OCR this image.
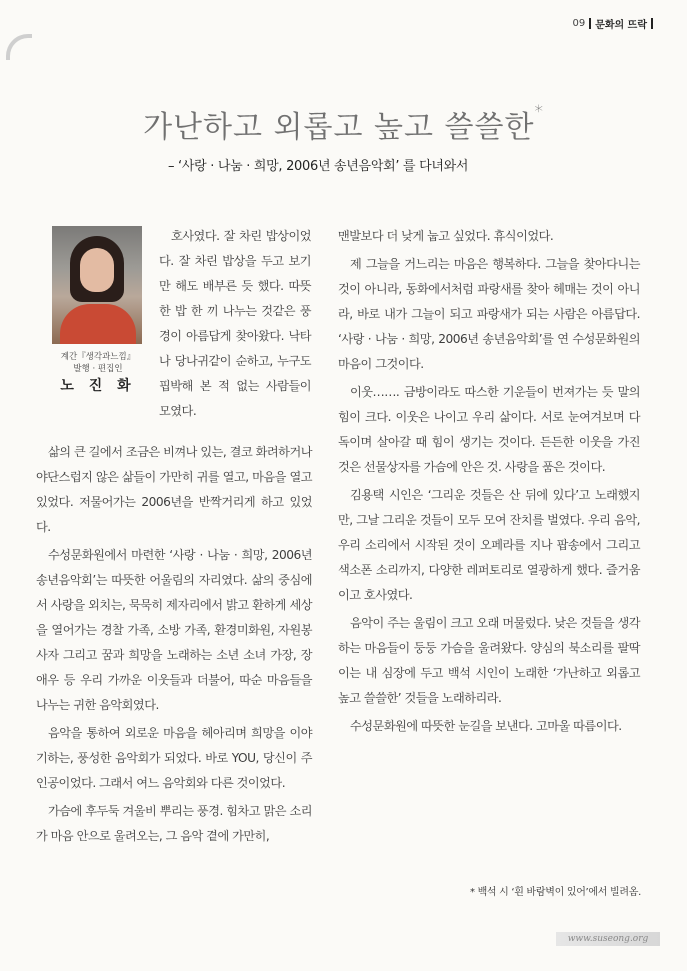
09 문화의 뜨락
가난하고 외롭고 높고 쓸쓸한*
– ‘사랑 · 나눔 · 희망, 2006년 송년음악회’ 를 다녀와서
계간『생각과느낌』
발행 · 편집인
노 진 화

호사였다. 잘 차린 밥상이었다. 잘 차린 밥상을 두고 보기만 해도 배부른 듯 했다. 따뜻한 밥 한 끼 나누는 것같은 풍경이 아름답게 찾아왔다. 낙타나 당나귀같이 순하고, 누구도 핍박해 본 적 없는 사람들이 모였다.

삶의 큰 길에서 조금은 비껴나 있는, 결코 화려하거나 야단스럽지 않은 삶들이 가만히 귀를 열고, 마음을 열고 있었다. 저물어가는 2006년을 반짝거리게 하고 있었다.

수성문화원에서 마련한 ‘사랑 · 나눔 · 희망, 2006년 송년음악회’는 따뜻한 어울림의 자리였다. 삶의 중심에서 사랑을 외치는, 묵묵히 제자리에서 밝고 환하게 세상을 열어가는 경찰 가족, 소방 가족, 환경미화원, 자원봉사자 그리고 꿈과 희망을 노래하는 소년 소녀 가장, 장애우 등 우리 가까운 이웃들과 더불어, 따순 마음들을 나누는 귀한 음악회였다.

음악을 통하여 외로운 마음을 헤아리며 희망을 이야기하는, 풍성한 음악회가 되었다. 바로 YOU, 당신이 주인공이었다. 그래서 여느 음악회와 다른 것이었다.

가슴에 후두둑 겨울비 뿌리는 풍경. 힘차고 맑은 소리가 마음 안으로 울려오는, 그 음악 곁에 가만히,

맨발보다 더 낮게 눕고 싶었다. 휴식이었다.

제 그늘을 거느리는 마음은 행복하다. 그늘을 찾아다니는 것이 아니라, 동화에서처럼 파랑새를 찾아 헤매는 것이 아니라, 바로 내가 그늘이 되고 파랑새가 되는 사람은 아름답다. ‘사랑 · 나눔 · 희망, 2006년 송년음악회’를 연 수성문화원의 마음이 그것이다.

이웃……. 금방이라도 따스한 기운들이 번져가는 듯 말의 힘이 크다. 이웃은 나이고 우리 삶이다. 서로 눈여겨보며 다독이며 살아갈 때 힘이 생기는 것이다. 든든한 이웃을 가진 것은 선물상자를 가슴에 안은 것. 사랑을 품은 것이다.

김용택 시인은 ‘그리운 것들은 산 뒤에 있다’고 노래했지만, 그날 그리운 것들이 모두 모여 잔치를 벌였다. 우리 음악, 우리 소리에서 시작된 것이 오페라를 지나 팝송에서 그리고 색소폰 소리까지, 다양한 레퍼토리로 열광하게 했다. 즐거움이고 호사였다.

음악이 주는 울림이 크고 오래 머물렀다. 낮은 것들을 생각하는 마음들이 둥둥 가슴을 울려왔다. 양심의 북소리를 팔딱이는 내 심장에 두고 백석 시인이 노래한 ‘가난하고 외롭고 높고 쓸쓸한’ 것들을 노래하리라.

수성문화원에 따뜻한 눈길을 보낸다. 고마울 따름이다.

* 백석 시 ‘흰 바람벽이 있어’에서 빌려옴.
www.suseong.org
